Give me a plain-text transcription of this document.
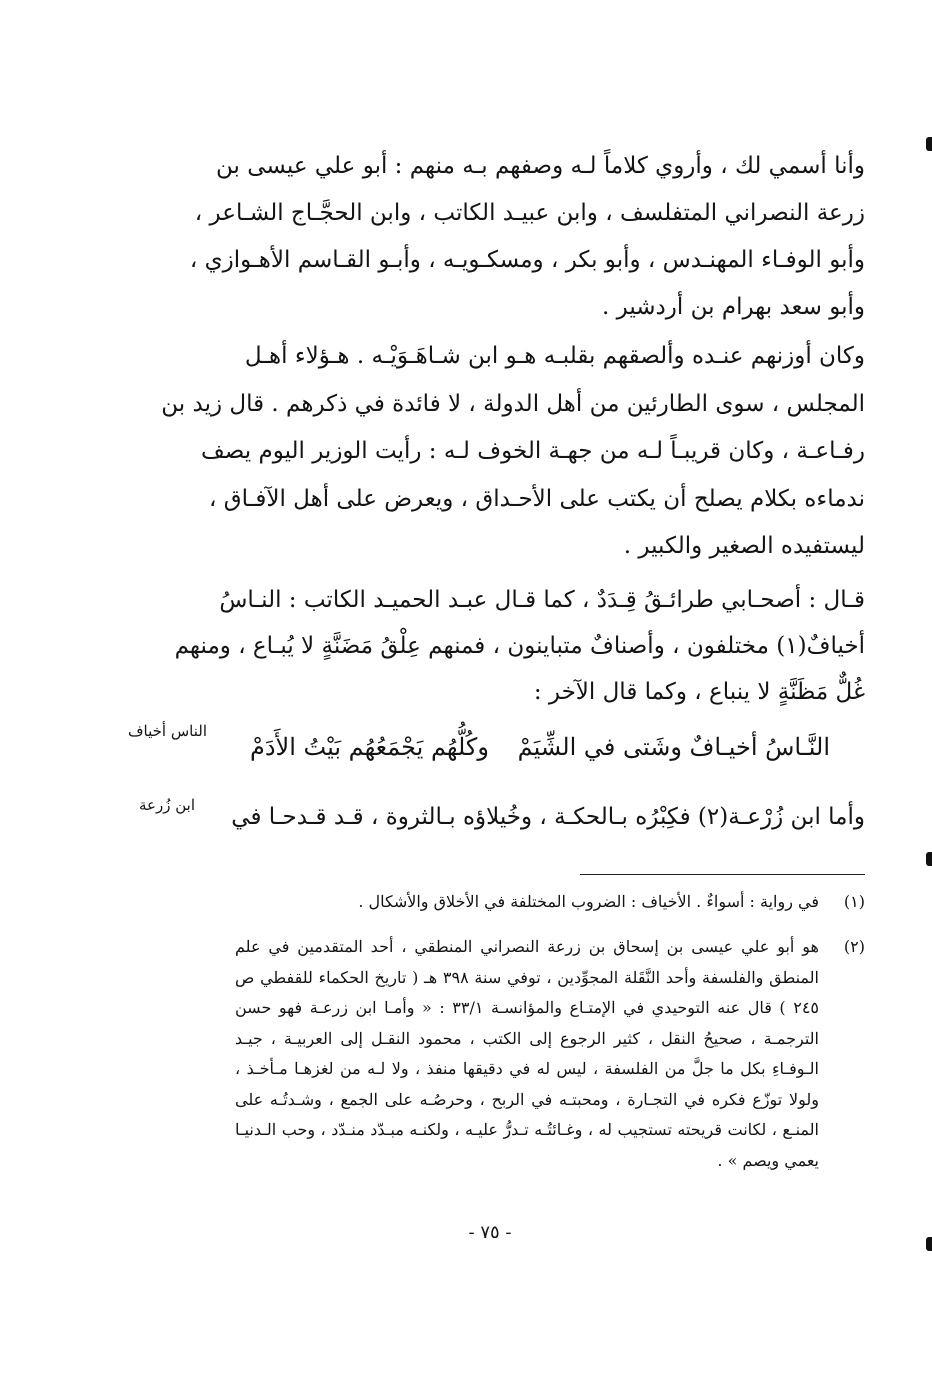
وأنا أسمي لك ، وأروي كلاماً لـه وصفهم بـه منهم : أبو علي عيسى بن
زرعة النصراني المتفلسف ، وابن عبيـد الكاتب ، وابن الحجَّـاج الشـاعر ،
وأبو الوفـاء المهنـدس ، وأبو بكر ، ومسكـويـه ، وأبـو القـاسم الأهـوازي ،
وأبو سعد بهرام بن أردشير .
وكان أوزنهم عنـده وألصقهم بقلبـه هـو ابن شـاهَـوَيْـه . هـؤلاء أهـل
المجلس ، سوى الطارئين من أهل الدولة ، لا فائدة في ذكرهم . قال زيد بن
رفـاعـة ، وكان قريبـاً لـه من جهـة الخوف لـه : رأيت الوزير اليوم يصف
ندماءه بكلام يصلح أن يكتب على الأحـداق ، ويعرض على أهل الآفـاق ،
ليستفيده الصغير والكبير .
قـال : أصحـابي طرائـقُ قِـدَدٌ ، كما قـال عبـد الحميـد الكاتب : النـاسُ
أخيافٌ(١) مختلفون ، وأصنافٌ متباينون ، فمنهم عِلْقُ مَضَنَّةٍ لا يُبـاع ، ومنهم
غُلٌّ مَظَنَّةٍ لا ينباع ، وكما قال الآخر :
النَّـاسُ أخيـافٌ وشَتى في الشِّيَمْ
وكُلُّهُم يَجْمَعُهُم بَيْتُ الأَدَمْ
الناس أخياف
ابن زُرعة وأما ابن زُرْعـة(٢) فكِبْرُه بـالحكـة ، وخُيلاؤه بـالثروة ، قـد قـدحـا في
(١)
في رواية : أسواءٌ . الأخياف : الضروب المختلفة في الأخلاق والأشكال .
(٢)
هو أبو علي عيسى بن إسحاق بن زرعة النصراني المنطقي ، أحد المتقدمين في علم المنطق والفلسفة وأحد النَّقَلة المجوِّدين ، توفي سنة ٣٩٨ هـ ( تاريخ الحكماء للقفطي ص ٢٤٥ ) قال عنه التوحيدي في الإمتـاع والمؤانسـة ٣٣/١ : « وأمـا ابن زرعـة فهو حسن الترجمـة ، صحيحُ النقل ، كثير الرجوع إلى الكتب ، محمود النقـل إلى العربيـة ، جيـد الـوفـاءِ بكل ما جلَّ من الفلسفة ، ليس له في دقيقها منفذ ، ولا لـه من لغزهـا مـأخـذ ، ولولا توزّع فكره في التجـارة ، ومحبتـه في الربح ، وحرصُـه على الجمع ، وشـدتُـه على المنـع ، لكانت قريحته تستجيب له ، وغـائتُـه تـدرُّ عليـه ، ولكنـه مبـدّد منـدّد ، وحب الـدنيـا يعمي ويصم » .
- ٧٥ -
